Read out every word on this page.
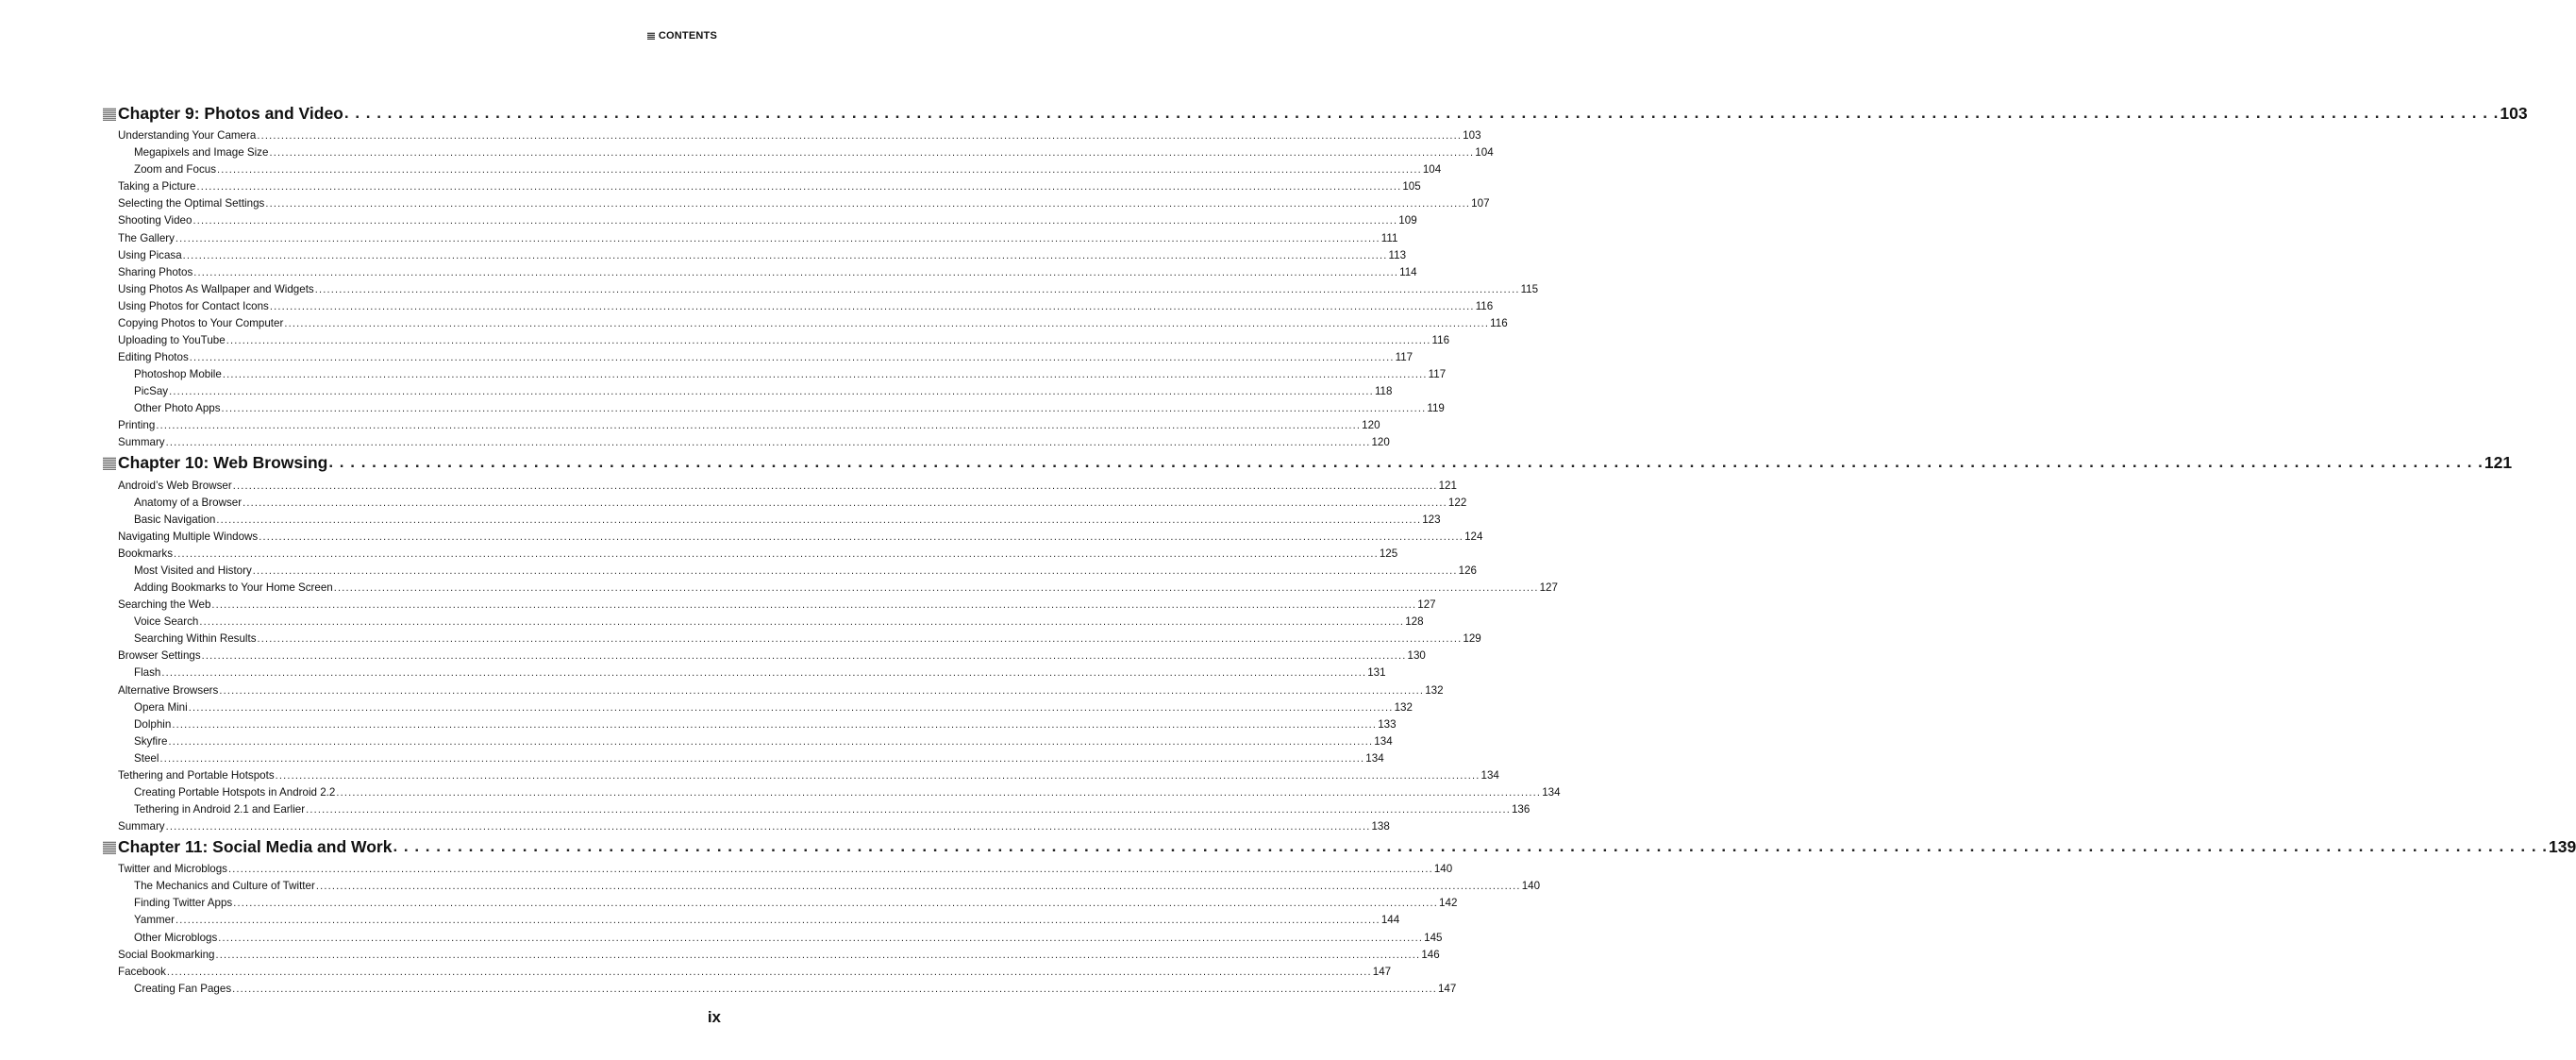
CONTENTS
Chapter 9: Photos and Video . . . . . . . . . . . . . . . . . . . . . . . . . . . . . . . . . . . . . . . . . . . . . . . . . . . . . . . . . . . . . . . . . . . . . . . . . . . . . . . . . . . . . . . . . . . . . . . . . . . . . . . . . . . . . . . . . . . . . . . . . . . . . . . . . . . . . . . . . . . . . . . . . . . . . . . . . . . . . . . . . . . . . . . . . . . . . . . . . . . . . . . . . . . . . . . . . . . . . . . . 103
Understanding Your Camera ............................................................................................................................................................................................................................................................................................................ 103
Megapixels and Image Size ............................................................................................................................................................................................................................................................................................................ 104
Zoom and Focus ............................................................................................................................................................................................................................................................................................................ 104
Taking a Picture ............................................................................................................................................................................................................................................................................................................ 105
Selecting the Optimal Settings ............................................................................................................................................................................................................................................................................................................ 107
Shooting Video ............................................................................................................................................................................................................................................................................................................ 109
The Gallery ............................................................................................................................................................................................................................................................................................................ 111
Using Picasa ............................................................................................................................................................................................................................................................................................................ 113
Sharing Photos ............................................................................................................................................................................................................................................................................................................ 114
Using Photos As Wallpaper and Widgets ............................................................................................................................................................................................................................................................................................................ 115
Using Photos for Contact Icons ............................................................................................................................................................................................................................................................................................................ 116
Copying Photos to Your Computer ............................................................................................................................................................................................................................................................................................................ 116
Uploading to YouTube ............................................................................................................................................................................................................................................................................................................ 116
Editing Photos ............................................................................................................................................................................................................................................................................................................ 117
Photoshop Mobile ............................................................................................................................................................................................................................................................................................................ 117
PicSay ............................................................................................................................................................................................................................................................................................................ 118
Other Photo Apps ............................................................................................................................................................................................................................................................................................................ 119
Printing ............................................................................................................................................................................................................................................................................................................ 120
Summary ............................................................................................................................................................................................................................................................................................................ 120
Chapter 10: Web Browsing . . . . . . . . . . . . . . . . . . . . . . . . . . . . . . . . . . . . . . . . . . . . . . . . . . . . . . . . . . . . . . . . . . . . . . . . . . . . . . . . . . . . . . . . . . . . . . . . . . . . . . . . . . . . . . . . . . . . . . . . . . . . . . . . . . . . . . . . . . . . . . . . . . . . . . . . . . . . . . . . . . . . . . . . . . . . . . . . . . . . . . . . . . . . . . . . . . . . . . . . 121
Android’s Web Browser ............................................................................................................................................................................................................................................................................................................ 121
Anatomy of a Browser ............................................................................................................................................................................................................................................................................................................ 122
Basic Navigation ............................................................................................................................................................................................................................................................................................................ 123
Navigating Multiple Windows ............................................................................................................................................................................................................................................................................................................ 124
Bookmarks ............................................................................................................................................................................................................................................................................................................ 125
Most Visited and History ............................................................................................................................................................................................................................................................................................................ 126
Adding Bookmarks to Your Home Screen ............................................................................................................................................................................................................................................................................................................ 127
Searching the Web ............................................................................................................................................................................................................................................................................................................ 127
Voice Search ............................................................................................................................................................................................................................................................................................................ 128
Searching Within Results ............................................................................................................................................................................................................................................................................................................ 129
Browser Settings ............................................................................................................................................................................................................................................................................................................ 130
Flash ............................................................................................................................................................................................................................................................................................................ 131
Alternative Browsers ............................................................................................................................................................................................................................................................................................................ 132
Opera Mini ............................................................................................................................................................................................................................................................................................................ 132
Dolphin ............................................................................................................................................................................................................................................................................................................ 133
Skyfire ............................................................................................................................................................................................................................................................................................................ 134
Steel ............................................................................................................................................................................................................................................................................................................ 134
Tethering and Portable Hotspots ............................................................................................................................................................................................................................................................................................................ 134
Creating Portable Hotspots in Android 2.2 ............................................................................................................................................................................................................................................................................................................ 134
Tethering in Android 2.1 and Earlier ............................................................................................................................................................................................................................................................................................................ 136
Summary ............................................................................................................................................................................................................................................................................................................ 138
Chapter 11: Social Media and Work . . . . . . . . . . . . . . . . . . . . . . . . . . . . . . . . . . . . . . . . . . . . . . . . . . . . . . . . . . . . . . . . . . . . . . . . . . . . . . . . . . . . . . . . . . . . . . . . . . . . . . . . . . . . . . . . . . . . . . . . . . . . . . . . . . . . . . . . . . . . . . . . . . . . . . . . . . . . . . . . . . . . . . . . . . . . . . . . . . . . . . . . . . . . . . . . . . . . . . . . 139
Twitter and Microblogs ............................................................................................................................................................................................................................................................................................................ 140
The Mechanics and Culture of Twitter ............................................................................................................................................................................................................................................................................................................ 140
Finding Twitter Apps ............................................................................................................................................................................................................................................................................................................ 142
Yammer ............................................................................................................................................................................................................................................................................................................ 144
Other Microblogs ............................................................................................................................................................................................................................................................................................................ 145
Social Bookmarking ............................................................................................................................................................................................................................................................................................................ 146
Facebook ............................................................................................................................................................................................................................................................................................................ 147
Creating Fan Pages ............................................................................................................................................................................................................................................................................................................ 147
ix
